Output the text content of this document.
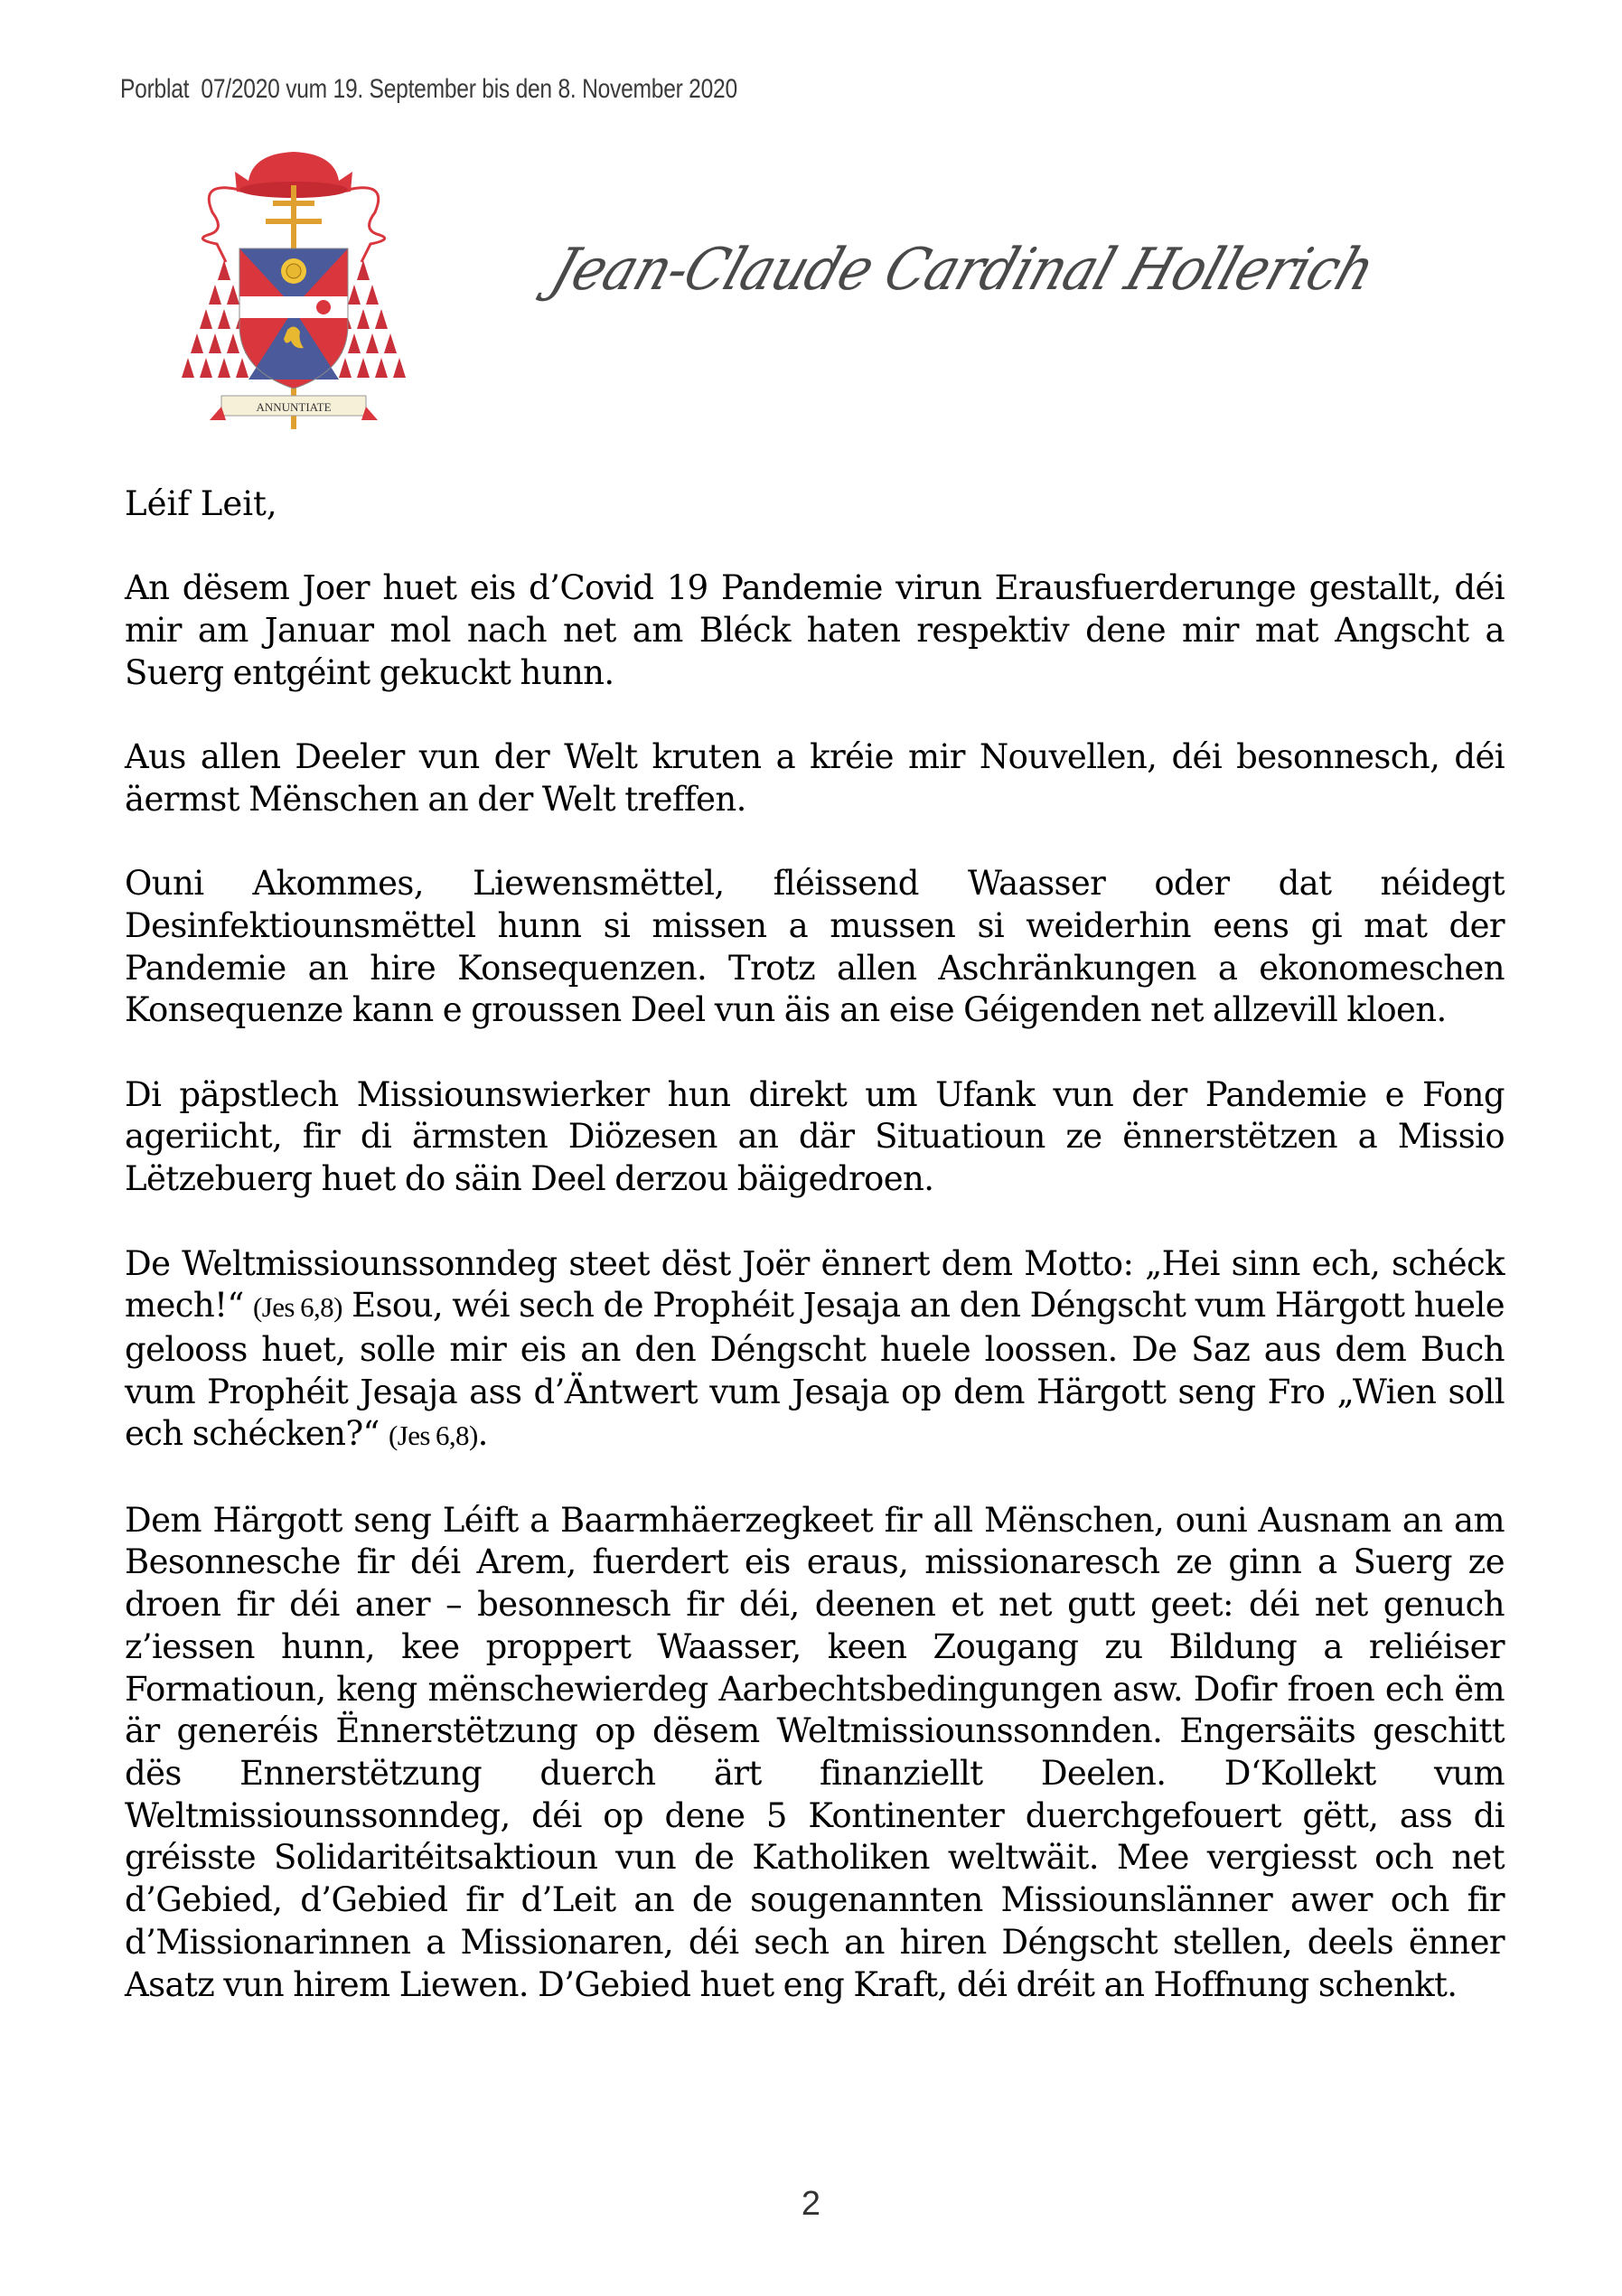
Porblat  07/2020 vum 19. September bis den 8. November 2020
ANNUNTIATE
Jean-Claude Cardinal Hollerich

Léif Leit,

An dësem Joer huet eis d’Covid 19 Pandemie virun Erausfuerderunge gestallt, déi mir am Januar mol nach net am Bléck haten respektiv dene mir mat Angscht a Suerg entgéint gekuckt hunn.

Aus allen Deeler vun der Welt kruten a kréie mir Nouvellen, déi besonnesch, déi äermst Mënschen an der Welt treffen.

Ouni Akommes, Liewensmëttel, fléissend Waasser oder dat néidegt Desinfektiounsmëttel hunn si missen a mussen si weiderhin eens gi mat der Pandemie an hire Konsequenzen. Trotz allen Aschränkungen a ekonomeschen Konsequenze kann e groussen Deel vun äis an eise Géigenden net allzevill kloen.

Di päpstlech Missiounswierker hun direkt um Ufank vun der Pandemie e Fong ageriicht, fir di ärmsten Diözesen an där Situatioun ze ënnerstëtzen a Missio Lëtzebuerg huet do säin Deel derzou bäigedroen.

De Weltmissiounssonndeg steet dëst Joër ënnert dem Motto: „Hei sinn ech, schéck mech!“ (Jes 6,8) Esou, wéi sech de Prophéit Jesaja an den Déngscht vum Härgott huele gelooss huet, solle mir eis an den Déngscht huele loossen. De Saz aus dem Buch vum Prophéit Jesaja ass d’Äntwert vum Jesaja op dem Härgott seng Fro „Wien soll ech schécken?“ (Jes 6,8).

Dem Härgott seng Léift a Baarmhäerzegkeet fir all Mënschen, ouni Ausnam an am Besonnesche fir déi Arem, fuerdert eis eraus, missionaresch ze ginn a Suerg ze droen fir déi aner – besonnesch fir déi, deenen et net gutt geet: déi net genuch z’iessen hunn, kee proppert Waasser, keen Zougang zu Bildung a reliéiser Formatioun, keng mënschewierdeg Aarbechtsbedingungen asw. Dofir froen ech ëm är generéis Ënnerstëtzung op dësem Weltmissiounssonnden. Engersäits geschitt dës Ennerstëtzung duerch ärt finanziellt Deelen. D‘Kollekt vum Weltmissiounssonndeg, déi op dene 5 Kontinenter duerchgefouert gëtt, ass di gréisste Solidaritéitsaktioun vun de Katholiken weltwäit. Mee vergiesst och net d’Gebied, d’Gebied fir d’Leit an de sougenannten Missiounslänner awer och fir d’Missionarinnen a Missionaren, déi sech an hiren Déngscht stellen, deels ënner Asatz vun hirem Liewen. D’Gebied huet eng Kraft, déi dréit an Hoffnung schenkt.

2
